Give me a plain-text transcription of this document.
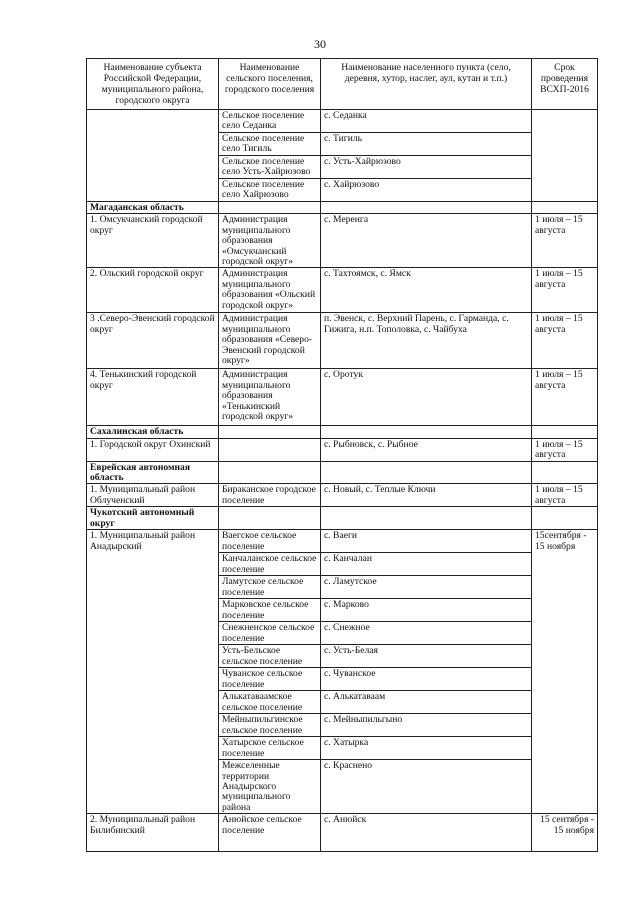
30
Наименование субъекта Российской Федерации, муниципального района, городского округа	Наименование сельского поселения, городского поселения	Наименование населенного пункта (село, деревня, хутор, наслег, аул, кутан и т.п.)	Срок проведения ВСХП-2016
	Сельское поселение село Седанка	с. Седанка	
	Сельское поселение село Тигиль	с. Тигиль	
	Сельское поселение село Усть-Хайрюзово	с. Усть-Хайрюзово	
	Сельское поселение село Хайрюзово	с. Хайрюзово	
Магаданская область			
1. Омсукчанский городской округ	Администрация муниципального образования «Омсукчанский городской округ»	с. Меренга	1 июля – 15 августа
2. Ольский городской округ	Администрация муниципального образования «Ольский городской округ»	с. Тахтоямск, с. Ямск	1 июля – 15 августа
3 .Северо-Эвенский городской округ	Администрация муниципального образования «Северо-Эвенский городской округ»	п. Эвенск, с. Верхний Парень, с. Гарманда, с. Гижига, н.п. Тополовка, с. Чайбуха	1 июля – 15 августа
4. Тенькинский городской округ	Администрация муниципального образования «Тенькинский городской округ»	с. Оротук	1 июля – 15 августа
Сахалинская область			
1. Городской округ Охинский		с. Рыбновск, с. Рыбное	1 июля – 15 августа
Еврейская автономная область			
1. Муниципальный район Облученский	Бираканское городское поселение	с. Новый, с. Теплые Ключи	1 июля – 15 августа
Чукотский автономный округ			
1. Муниципальный район Анадырский	Ваегское сельское поселение	с. Ваеги	15сентября - 15 ноября
	Канчаланское сельское поселение	с. Канчалан	
	Ламутское сельское поселение	с. Ламутское	
	Марковское сельское поселение	с. Марково	
	Снежненское сельское поселение	с. Снежное	
	Усть-Бельское сельское поселение	с. Усть-Белая	
	Чуванское сельское поселение	с. Чуванское	
	Алькатаваамское сельское поселение	с. Алькатаваам	
	Мейныпильгинское сельское поселение	с. Мейныпильгыно	
	Хатырское сельское поселение	с. Хатырка	
	Межселенные территории Анадырского муниципального района	с. Краснено	
2. Муниципальный район Билибинский	Анюйское сельское поселение	с. Анюйск	15 сентября - 15 ноября
